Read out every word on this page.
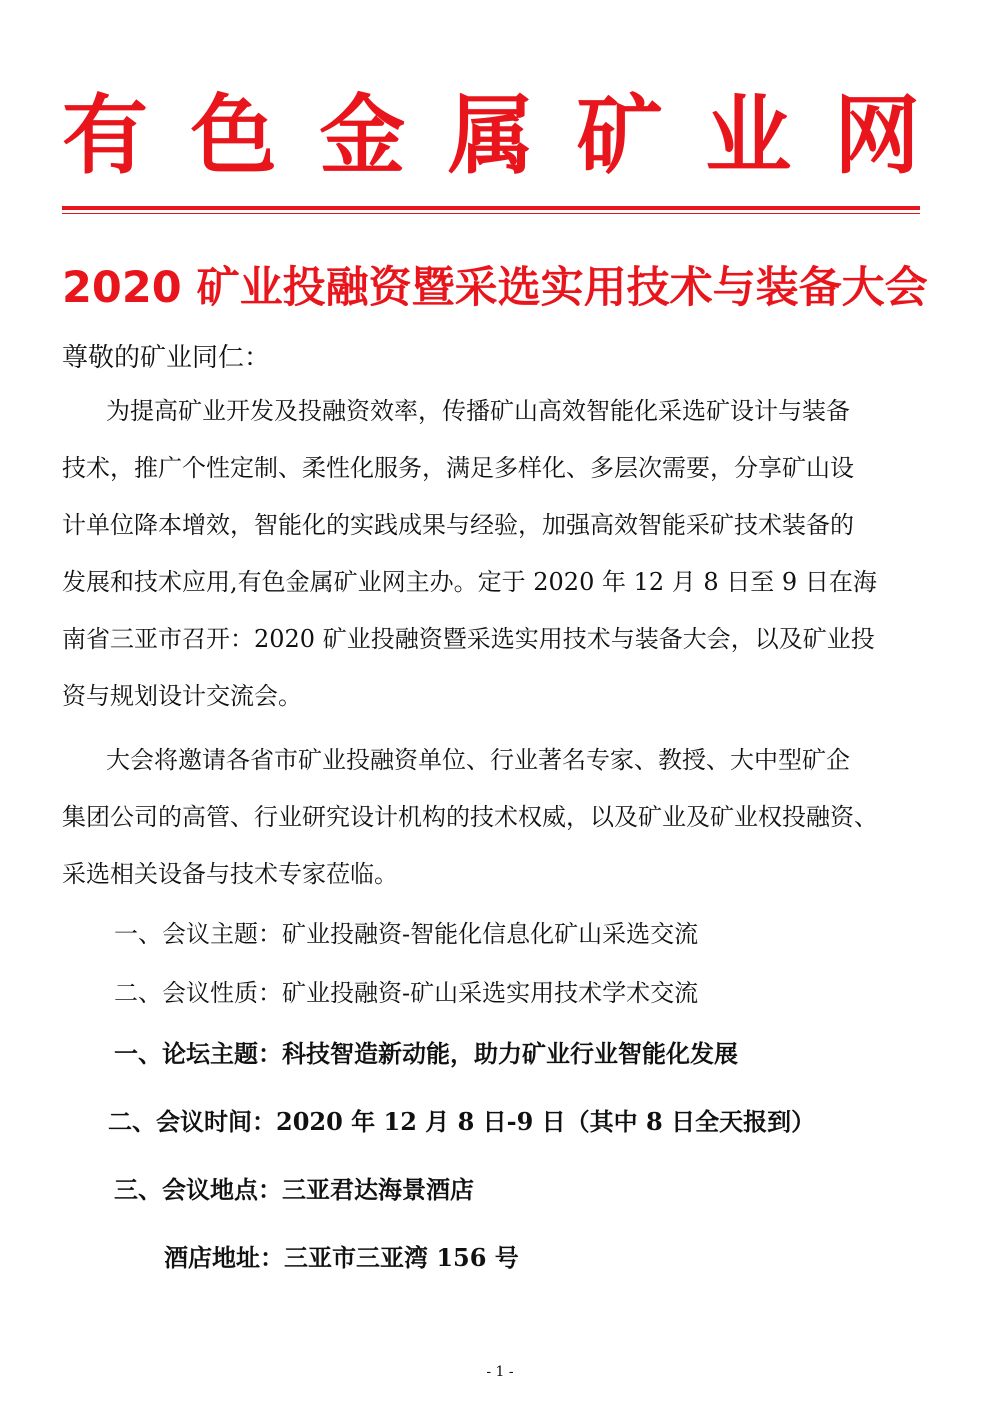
有 色 金 属 矿 业 网
2020 矿业投融资暨采选实用技术与装备大会
尊敬的矿业同仁：
为提高矿业开发及投融资效率，传播矿山高效智能化采选矿设计与装备
技术，推广个性定制、柔性化服务，满足多样化、多层次需要，分享矿山设
计单位降本增效，智能化的实践成果与经验，加强高效智能采矿技术装备的
发展和技术应用,有色金属矿业网主办。定于 2020 年 12 月 8 日至 9 日在海
南省三亚市召开：2020 矿业投融资暨采选实用技术与装备大会，以及矿业投
资与规划设计交流会。
大会将邀请各省市矿业投融资单位、行业著名专家、教授、大中型矿企
集团公司的高管、行业研究设计机构的技术权威，以及矿业及矿业权投融资、
采选相关设备与技术专家莅临。
一、会议主题：矿业投融资-智能化信息化矿山采选交流
二、会议性质：矿业投融资-矿山采选实用技术学术交流
一、论坛主题：科技智造新动能，助力矿业行业智能化发展
二、会议时间：2020 年 12 月 8 日-9 日（其中 8 日全天报到）
三、会议地点：三亚君达海景酒店
酒店地址：三亚市三亚湾 156 号
- 1 -
